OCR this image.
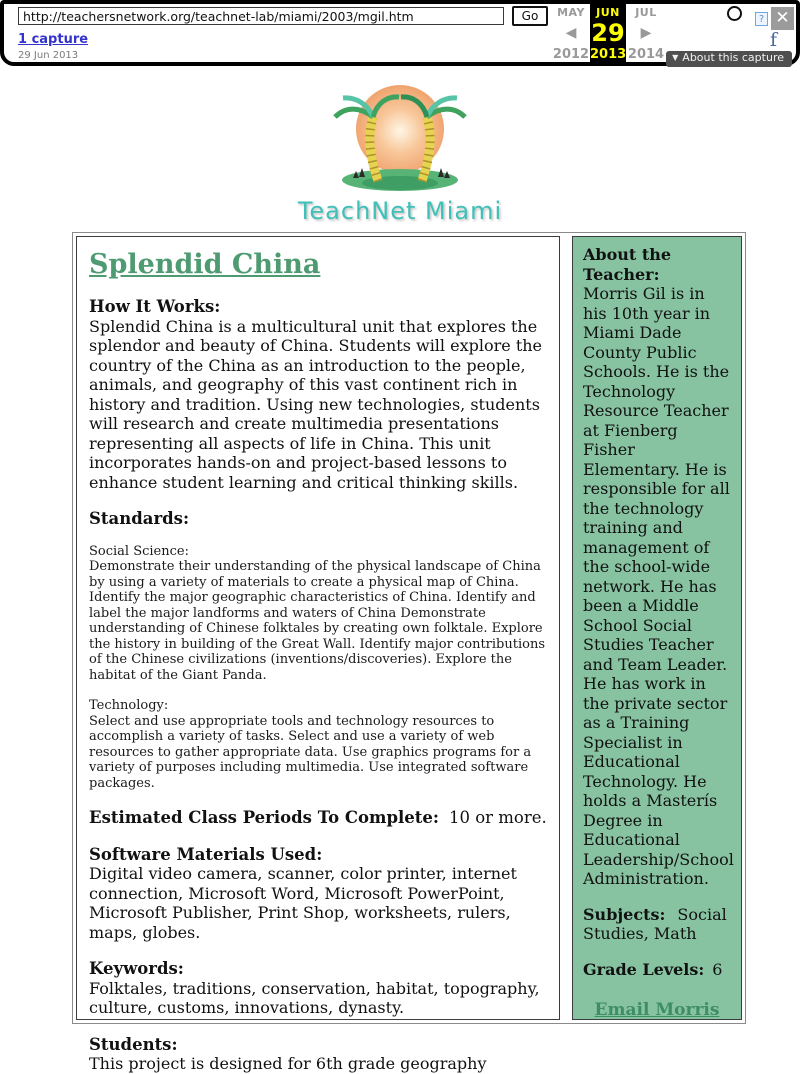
http://teachersnetwork.org/teachnet-lab/miami/2003/mgil.htm
Go
1 capture
29 Jun 2013
MAY	JUN	JUL
◀ 29	▶
2012 2013 2014
? ✕
f
▼ About this capture
TeachNet Miami
Splendid China
How It Works:
Splendid China is a multicultural unit that explores the splendor and beauty of China. Students will explore the country of the China as an introduction to the people, animals, and geography of this vast continent rich in history and tradition. Using new technologies, students will research and create multimedia presentations representing all aspects of life in China. This unit incorporates hands-on and project-based lessons to enhance student learning and critical thinking skills.
Standards:
Social Science:
Demonstrate their understanding of the physical landscape of China by using a variety of materials to create a physical map of China. Identify the major geographic characteristics of China. Identify and label the major landforms and waters of China Demonstrate understanding of Chinese folktales by creating own folktale. Explore the history in building of the Great Wall. Identify major contributions of the Chinese civilizations (inventions/discoveries). Explore the habitat of the Giant Panda.
Technology:
Select and use appropriate tools and technology resources to accomplish a variety of tasks. Select and use a variety of web resources to gather appropriate data. Use graphics programs for a variety of purposes including multimedia. Use integrated software packages.
Estimated Class Periods To Complete: 10 or more.
Software Materials Used:
Digital video camera, scanner, color printer, internet connection, Microsoft Word, Microsoft PowerPoint, Microsoft Publisher, Print Shop, worksheets, rulers, maps, globes.
Keywords:
Folktales, traditions, conservation, habitat, topography, culture, customs, innovations, dynasty.
Students:
This project is designed for 6th grade geography
About the Teacher:
Morris Gil is in his 10th year in Miami Dade County Public Schools. He is the Technology Resource Teacher at Fienberg Fisher Elementary. He is responsible for all the technology training and management of the school-wide network. He has been a Middle School Social Studies Teacher and Team Leader. He has work in the private sector as a Training Specialist in Educational Technology. He holds a Masterís Degree in Educational Leadership/School Administration.
Subjects: Social Studies, Math
Grade Levels: 6
Email Morris
